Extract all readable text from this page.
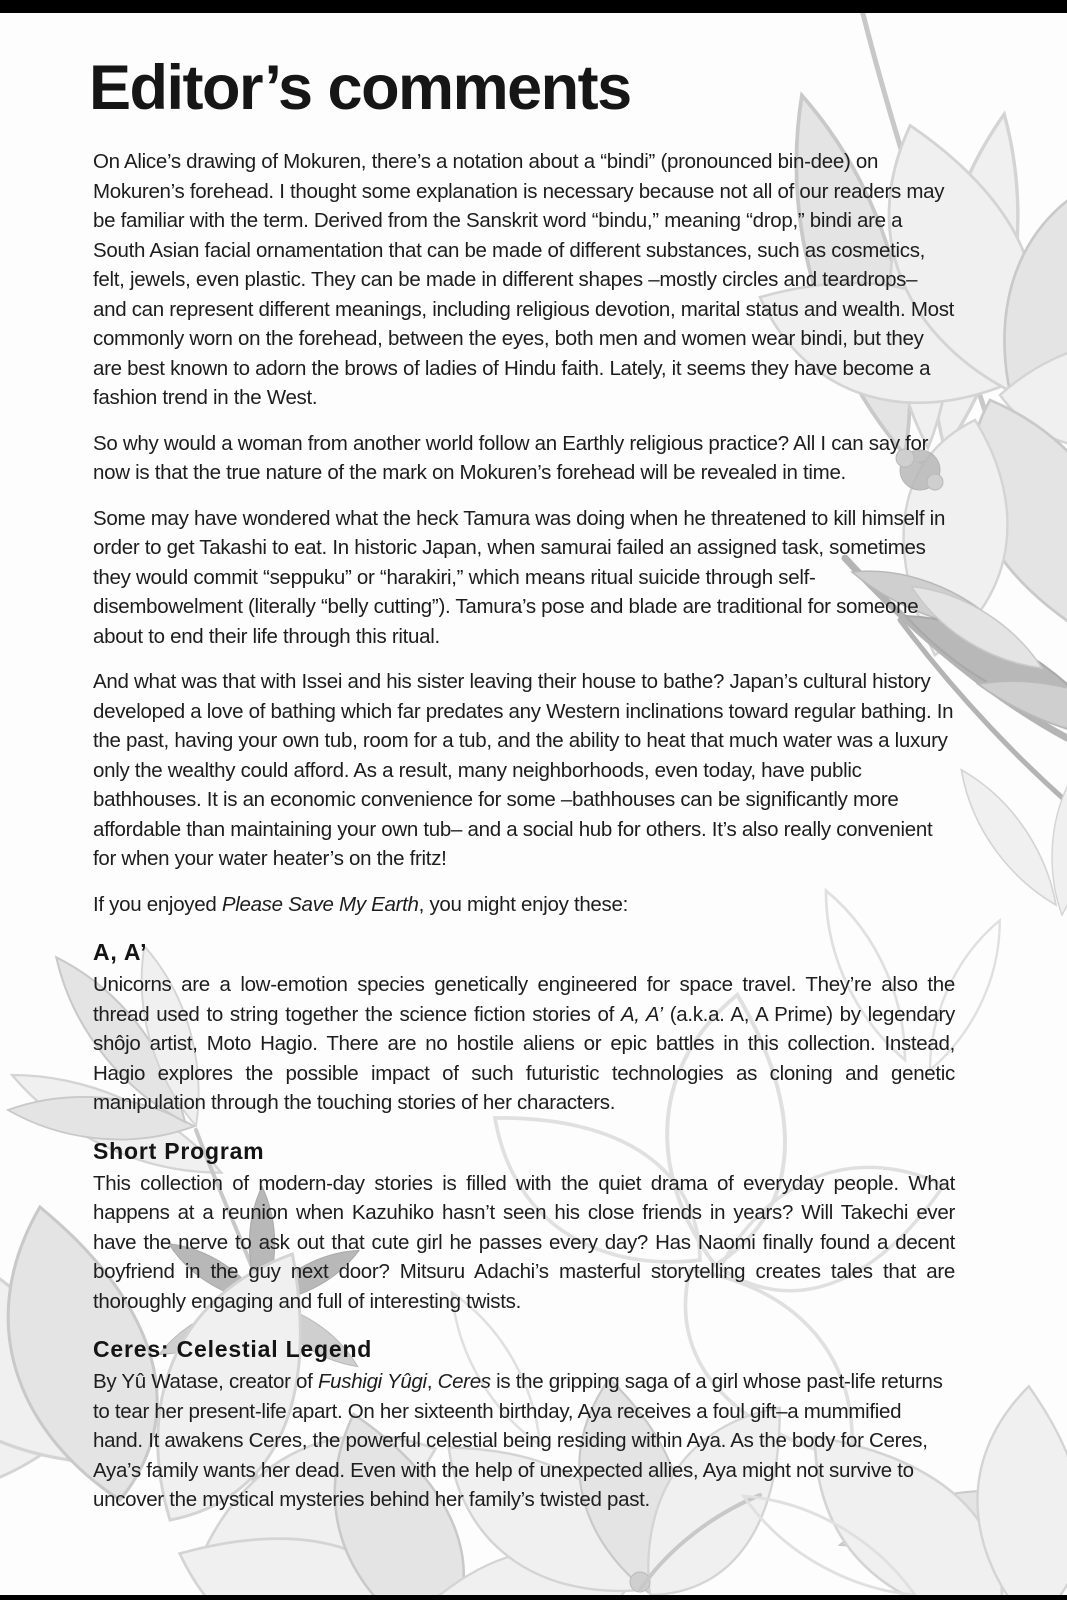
Editor’s comments

On Alice’s drawing of Mokuren, there’s a notation about a “bindi” (pronounced bin-dee) on Mokuren’s forehead. I thought some explanation is necessary because not all of our readers may be familiar with the term. Derived from the Sanskrit word “bindu,” meaning “drop,” bindi are a South Asian facial ornamentation that can be made of different substances, such as cosmetics, felt, jewels, even plastic. They can be made in different shapes –mostly circles and teardrops– and can represent different meanings, including religious devotion, marital status and wealth. Most commonly worn on the forehead, between the eyes, both men and women wear bindi, but they are best known to adorn the brows of ladies of Hindu faith. Lately, it seems they have become a fashion trend in the West.

So why would a woman from another world follow an Earthly religious practice? All I can say for now is that the true nature of the mark on Mokuren’s forehead will be revealed in time.

Some may have wondered what the heck Tamura was doing when he threatened to kill himself in order to get Takashi to eat. In historic Japan, when samurai failed an assigned task, sometimes they would commit “seppuku” or “harakiri,” which means ritual suicide through self-disembowelment (literally “belly cutting”). Tamura’s pose and blade are traditional for someone about to end their life through this ritual.

And what was that with Issei and his sister leaving their house to bathe? Japan’s cultural history developed a love of bathing which far predates any Western inclinations toward regular bathing. In the past, having your own tub, room for a tub, and the ability to heat that much water was a luxury only the wealthy could afford. As a result, many neighborhoods, even today, have public bathhouses. It is an economic convenience for some –bathhouses can be significantly more affordable than maintaining your own tub– and a social hub for others. It’s also really convenient for when your water heater’s on the fritz!

If you enjoyed Please Save My Earth, you might enjoy these:

A, A’

Unicorns are a low-emotion species genetically engineered for space travel. They’re also the thread used to string together the science fiction stories of A, A’ (a.k.a. A, A Prime) by legendary shôjo artist, Moto Hagio. There are no hostile aliens or epic battles in this collection. Instead, Hagio explores the possible impact of such futuristic technologies as cloning and genetic manipulation through the touching stories of her characters.

Short Program

This collection of modern-day stories is filled with the quiet drama of everyday people. What happens at a reunion when Kazuhiko hasn’t seen his close friends in years? Will Takechi ever have the nerve to ask out that cute girl he passes every day? Has Naomi finally found a decent boyfriend in the guy next door? Mitsuru Adachi’s masterful storytelling creates tales that are thoroughly engaging and full of interesting twists.

Ceres: Celestial Legend

By Yû Watase, creator of Fushigi Yûgi, Ceres is the gripping saga of a girl whose past-life returns to tear her present-life apart. On her sixteenth birthday, Aya receives a foul gift–a mummified hand. It awakens Ceres, the powerful celestial being residing within Aya. As the body for Ceres, Aya’s family wants her dead. Even with the help of unexpected allies, Aya might not survive to uncover the mystical mysteries behind her family’s twisted past.
